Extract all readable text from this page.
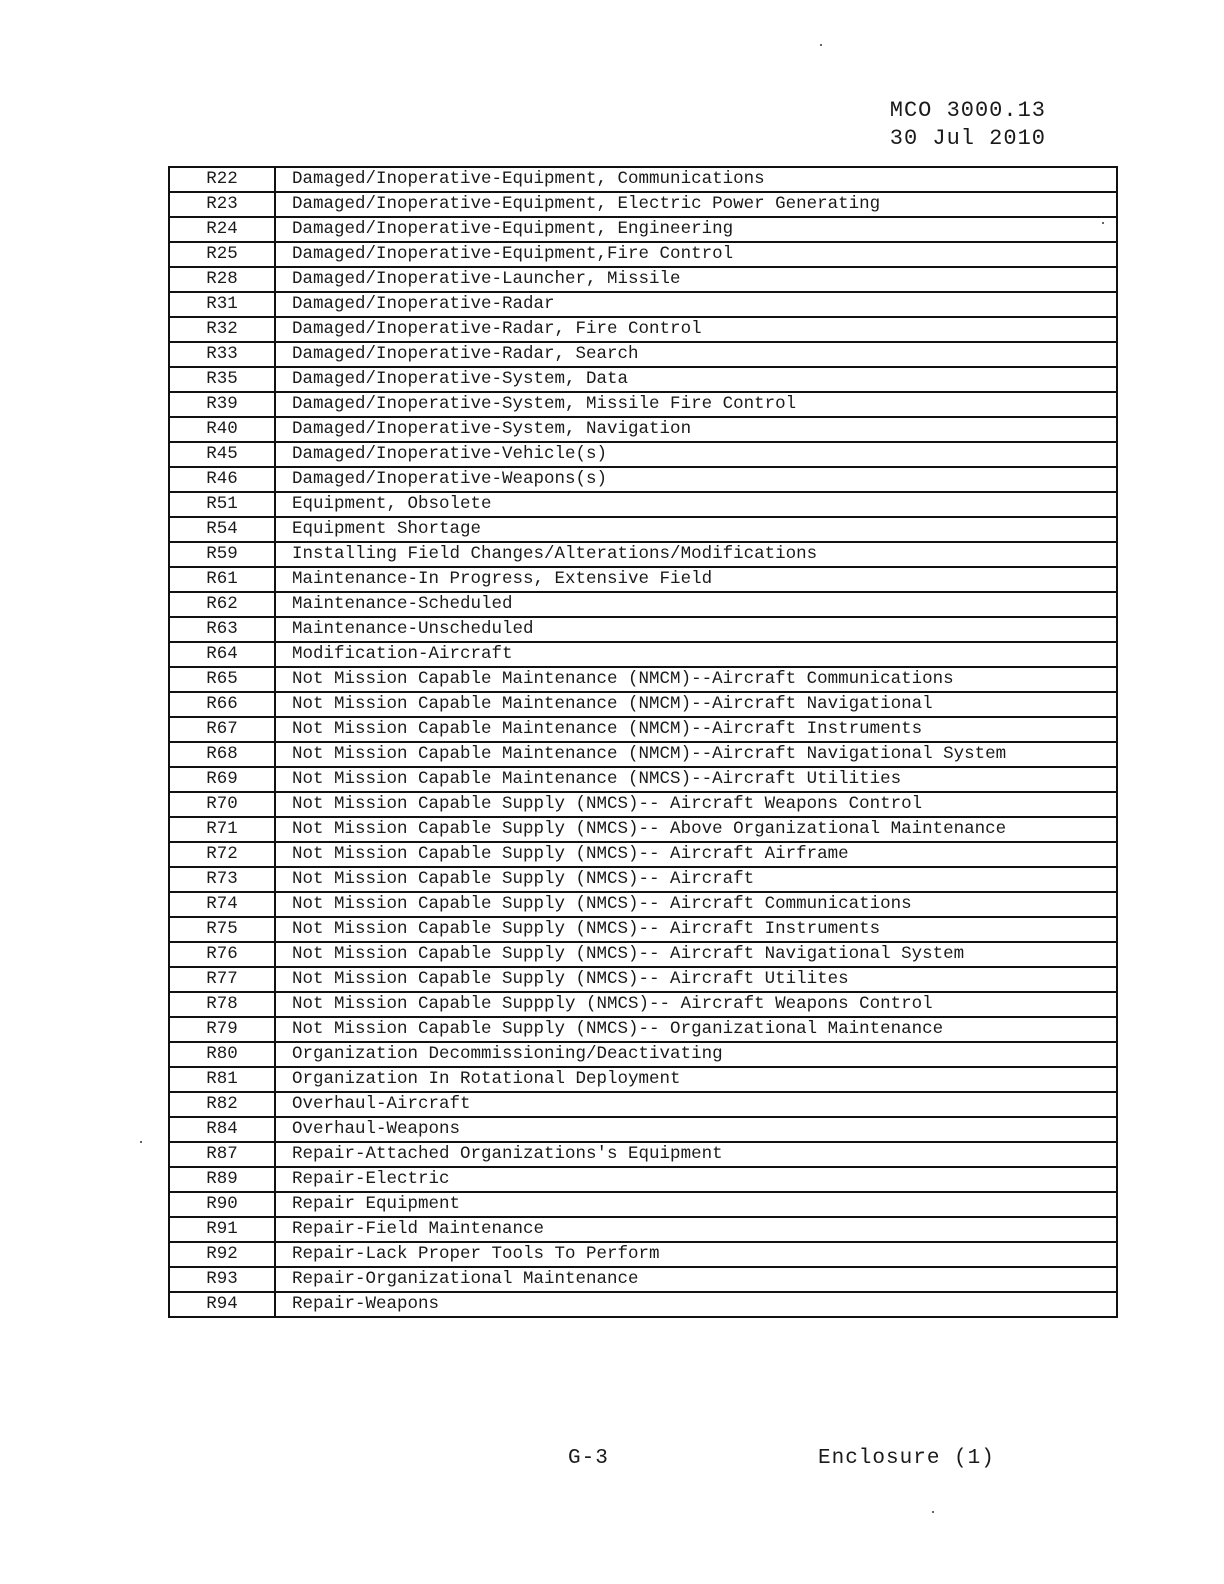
MCO 3000.13
30 Jul 2010
R22	Damaged/Inoperative-Equipment, Communications
R23	Damaged/Inoperative-Equipment, Electric Power Generating
R24	Damaged/Inoperative-Equipment, Engineering
R25	Damaged/Inoperative-Equipment,Fire Control
R28	Damaged/Inoperative-Launcher, Missile
R31	Damaged/Inoperative-Radar
R32	Damaged/Inoperative-Radar, Fire Control
R33	Damaged/Inoperative-Radar, Search
R35	Damaged/Inoperative-System, Data
R39	Damaged/Inoperative-System, Missile Fire Control
R40	Damaged/Inoperative-System, Navigation
R45	Damaged/Inoperative-Vehicle(s)
R46	Damaged/Inoperative-Weapons(s)
R51	Equipment, Obsolete
R54	Equipment Shortage
R59	Installing Field Changes/Alterations/Modifications
R61	Maintenance-In Progress, Extensive Field
R62	Maintenance-Scheduled
R63	Maintenance-Unscheduled
R64	Modification-Aircraft
R65	Not Mission Capable Maintenance (NMCM)--Aircraft Communications
R66	Not Mission Capable Maintenance (NMCM)--Aircraft Navigational
R67	Not Mission Capable Maintenance (NMCM)--Aircraft Instruments
R68	Not Mission Capable Maintenance (NMCM)--Aircraft Navigational System
R69	Not Mission Capable Maintenance (NMCS)--Aircraft Utilities
R70	Not Mission Capable Supply (NMCS)-- Aircraft Weapons Control
R71	Not Mission Capable Supply (NMCS)-- Above Organizational Maintenance
R72	Not Mission Capable Supply (NMCS)-- Aircraft Airframe
R73	Not Mission Capable Supply (NMCS)-- Aircraft
R74	Not Mission Capable Supply (NMCS)-- Aircraft Communications
R75	Not Mission Capable Supply (NMCS)-- Aircraft Instruments
R76	Not Mission Capable Supply (NMCS)-- Aircraft Navigational System
R77	Not Mission Capable Supply (NMCS)-- Aircraft Utilites
R78	Not Mission Capable Suppply (NMCS)-- Aircraft Weapons Control
R79	Not Mission Capable Supply (NMCS)-- Organizational Maintenance
R80	Organization Decommissioning/Deactivating
R81	Organization In Rotational Deployment
R82	Overhaul-Aircraft
R84	Overhaul-Weapons
R87	Repair-Attached Organizations's Equipment
R89	Repair-Electric
R90	Repair Equipment
R91	Repair-Field Maintenance
R92	Repair-Lack Proper Tools To Perform
R93	Repair-Organizational Maintenance
R94	Repair-Weapons
G-3	Enclosure (1)
